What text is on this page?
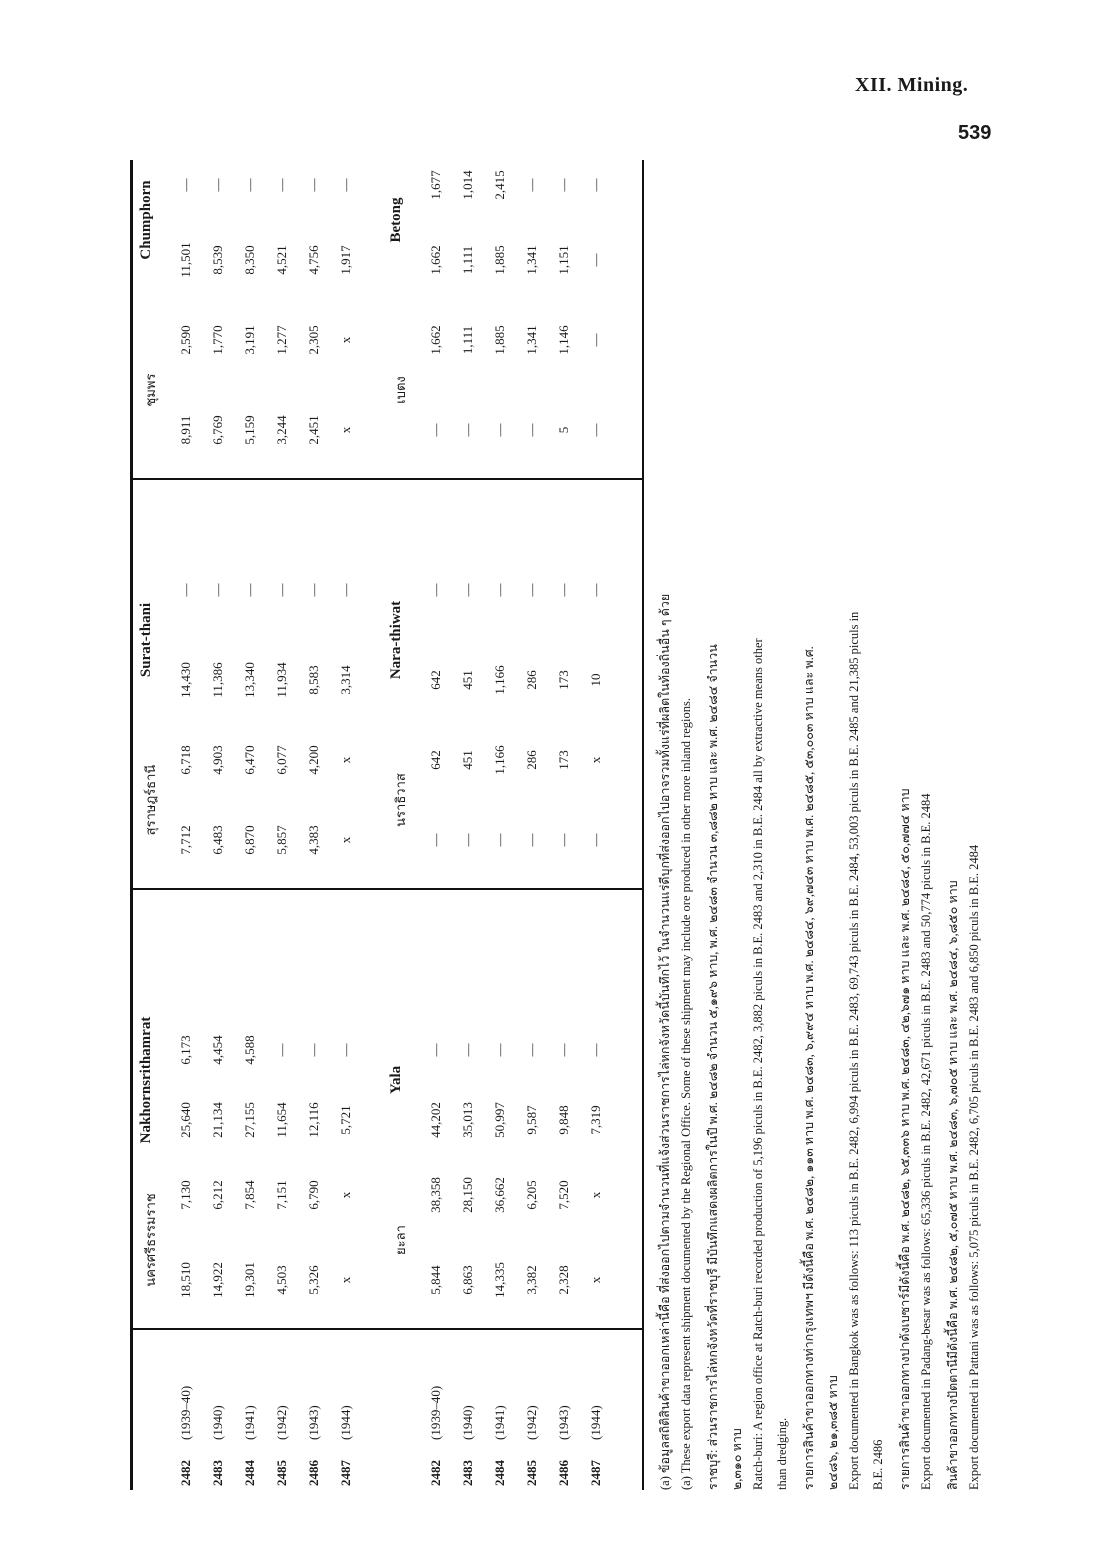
XII. Mining.
539
นครศรีธรรมราช
Nakhornsrithamrat
สุราษฎร์ธานี
Surat-thani
ชุมพร
Chumphorn
2482(1939–40)
18,510
7,130
25,640
6,173
7,712
6,718
14,430
—
8,911
2,590
11,501
—
2483(1940)
14,922
6,212
21,134
4,454
6,483
4,903
11,386
—
6,769
1,770
8,539
—
2484(1941)
19,301
7,854
27,155
4,588
6,870
6,470
13,340
—
5,159
3,191
8,350
—
2485(1942)
4,503
7,151
11,654
—
5,857
6,077
11,934
—
3,244
1,277
4,521
—
2486(1943)
5,326
6,790
12,116
—
4,383
4,200
8,583
—
2,451
2,305
4,756
—
2487(1944)
x
x
5,721
—
x
x
3,314
—
x
x
1,917
—
ยะลา
Yala
นราธิวาส
Nara-thiwat
เบตง
Betong
2482(1939–40)
5,844
38,358
44,202
—
—
642
642
—
—
1,662
1,662
1,677
2483(1940)
6,863
28,150
35,013
—
—
451
451
—
—
1,111
1,111
1,014
2484(1941)
14,335
36,662
50,997
—
—
1,166
1,166
—
—
1,885
1,885
2,415
2485(1942)
3,382
6,205
9,587
—
—
286
286
—
—
1,341
1,341
—
2486(1943)
2,328
7,520
9,848
—
—
173
173
—
5
1,146
1,151
—
2487(1944)
x
x
7,319
—
—
x
10
—
—
—
—
—
(a) ข้อมูลสถิติสินค้าขาออกเหล่านี้คือ ที่ส่งออกไปตามจำนวนที่แจ้งส่วนราชการไล่หกจังหวัดนี้บันทึกไว้ ในจำนวนแร่ดีบุกที่ส่งออกไปอาจรวมทั้งแร่ที่ผลิตในท้องถิ่นอื่น ๆ ด้วย (a) These export data represent shipment documented by the Regional Office. Some of these shipment may include ore produced in other more inland regions. ราชบุรี: ส่วนราชการไล่หกจังหวัดที่ราชบุรี มีบันทึกแสดงผลิตการในปี พ.ศ. ๒๔๘๒ จำนวน ๕,๑๙๖ หาบ, พ.ศ. ๒๔๘๓ จำนวน ๓,๘๘๒ หาบ และ พ.ศ. ๒๔๘๔ จำนวน ๒,๓๑๐ หาบ Ratch-buri: A region office at Ratch-buri recorded production of 5,196 piculs in B.E. 2482, 3,882 piculs in B.E. 2483 and 2,310 in B.E. 2484 all by extractive means other than dredging. รายการสินค้าขาออกทางท่ากรุงเทพฯ มีดังนี้คือ พ.ศ. ๒๔๘๒, ๑๑๓ หาบ พ.ศ. ๒๔๘๓, ๖,๙๙๔ หาบ พ.ศ. ๒๔๘๔, ๖๙,๗๔๓ หาบ พ.ศ. ๒๔๘๕, ๕๓,๐๐๓ หาบ และ พ.ศ. ๒๔๘๖, ๒๑,๓๘๕ หาบ Export documented in Bangkok was as follows: 113 piculs in B.E. 2482, 6,994 piculs in B.E. 2483, 69,743 piculs in B.E. 2484, 53,003 piculs in B.E. 2485 and 21,385 piculs in B.E. 2486 รายการสินค้าขาออกทางปาดังเบซาร์มีดังนี้คือ พ.ศ. ๒๔๘๒, ๖๕,๓๓๖ หาบ พ.ศ. ๒๔๘๓, ๔๒,๖๗๑ หาบ และ พ.ศ. ๒๔๘๔, ๕๐,๗๗๔ หาบ Export documented in Padang-besar was as follows: 65,336 piculs in B.E. 2482, 42,671 piculs in B.E. 2483 and 50,774 piculs in B.E. 2484 สินค้าขาออกทางปัตตานีมีดังนี้คือ พ.ศ. ๒๔๘๒, ๕,๐๗๕ หาบ พ.ศ. ๒๔๘๓, ๖,๗๐๕ หาบ และ พ.ศ. ๒๔๘๔, ๖,๘๕๐ หาบ Export documented in Pattani was as follows: 5,075 piculs in B.E. 2482, 6,705 piculs in B.E. 2483 and 6,850 piculs in B.E. 2484
